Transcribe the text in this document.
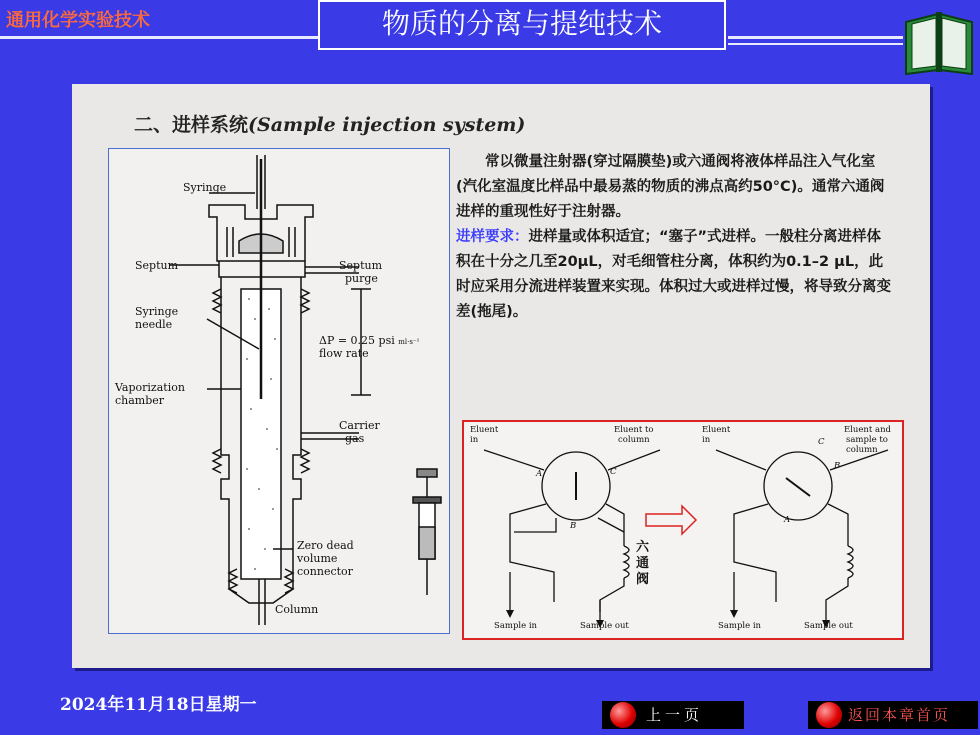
通用化学实验技术	物质的分离与提纯技术
二、进样系统(Sample injection system)
Syringe
Septum	Septum
purge
Syringe
needle
ΔP = 0.25 psi ml·s⁻¹
flow rate
Vaporization
chamber
Carrier
gas
Zero dead
volume
connector
Column

常以微量注射器(穿过隔膜垫)或六通阀将液体样品注入气化室(汽化室温度比样品中最易蒸的物质的沸点高约50°C)。通常六通阀进样的重现性好于注射器。

进样要求：进样量或体积适宜；“塞子”式进样。一般柱分离进样体积在十分之几至20μL，对毛细管柱分离，体积约为0.1–2 μL，此时应采用分流进样装置来实现。体积过大或进样过慢，将导致分离变差(拖尾)。

Eluent
in
Eluent to
column
A
B
C
Sample in	Sample out
六
通
阀
Eluent
in
Eluent and
sample to
column
A
B
C
Sample in	Sample out
2024年11月18日星期一	上一页	返回本章首页
